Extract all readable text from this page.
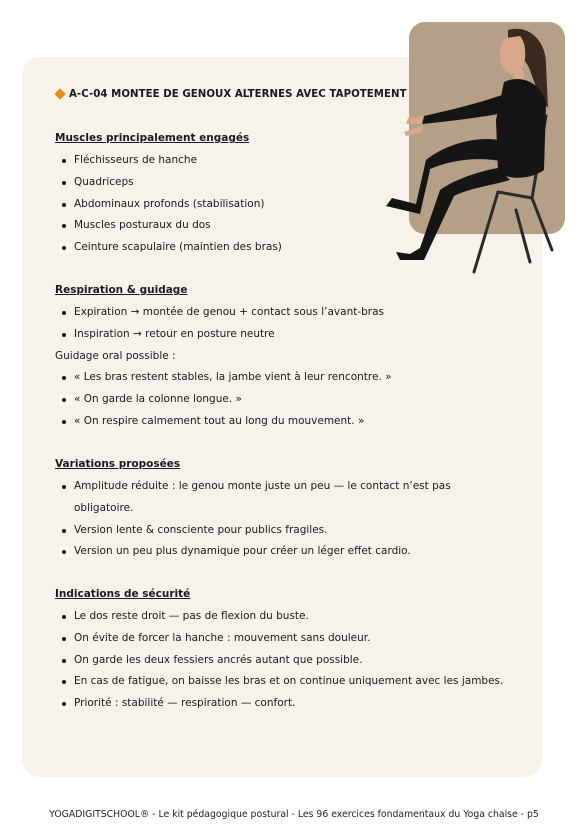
A-C-04 MONTEE DE GENOUX ALTERNES AVEC TAPOTEMENT
Muscles principalement engagés
Fléchisseurs de hanche
Quadriceps
Abdominaux profonds (stabilisation)
Muscles posturaux du dos
Ceinture scapulaire (maintien des bras)
Respiration & guidage
Expiration → montée de genou + contact sous l’avant-bras
Inspiration → retour en posture neutre
Guidage oral possible :
« Les bras restent stables, la jambe vient à leur rencontre. »
« On garde la colonne longue. »
« On respire calmement tout au long du mouvement. »
Variations proposées
Amplitude réduite : le genou monte juste un peu — le contact n’est pas obligatoire.
Version lente & consciente pour publics fragiles.
Version un peu plus dynamique pour créer un léger effet cardio.
Indications de sécurité
Le dos reste droit — pas de flexion du buste.
On évite de forcer la hanche : mouvement sans douleur.
On garde les deux fessiers ancrés autant que possible.
En cas de fatigue, on baisse les bras et on continue uniquement avec les jambes.
Priorité : stabilité — respiration — confort.
YOGADIGITSCHOOL® - Le kit pédagogique postural - Les 96 exercices fondamentaux du Yoga chaise - p5
